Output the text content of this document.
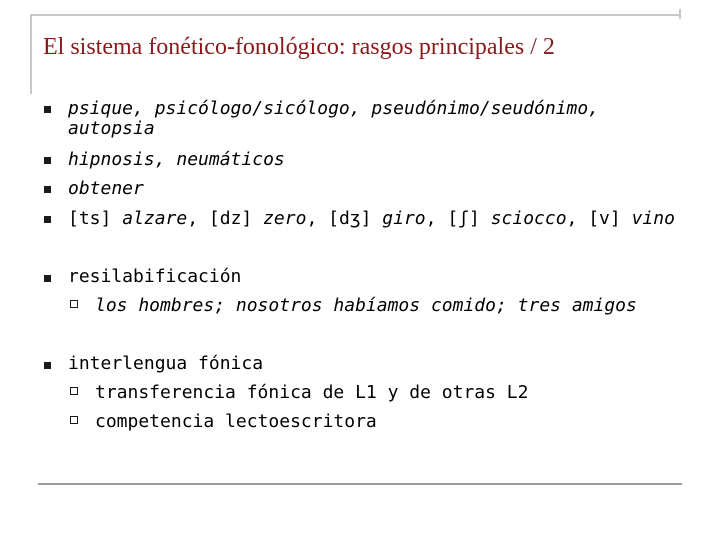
El sistema fonético-fonológico: rasgos principales / 2
psique, psicólogo/sicólogo, pseudónimo/seudónimo,
autopsia
hipnosis, neumáticos
obtener
[ts] alzare, [dz] zero, [dʒ] giro, [ʃ] sciocco, [v] vino
resilabificación
los hombres; nosotros habíamos comido; tres amigos
interlengua fónica
transferencia fónica de L1 y de otras L2
competencia lectoescritora
